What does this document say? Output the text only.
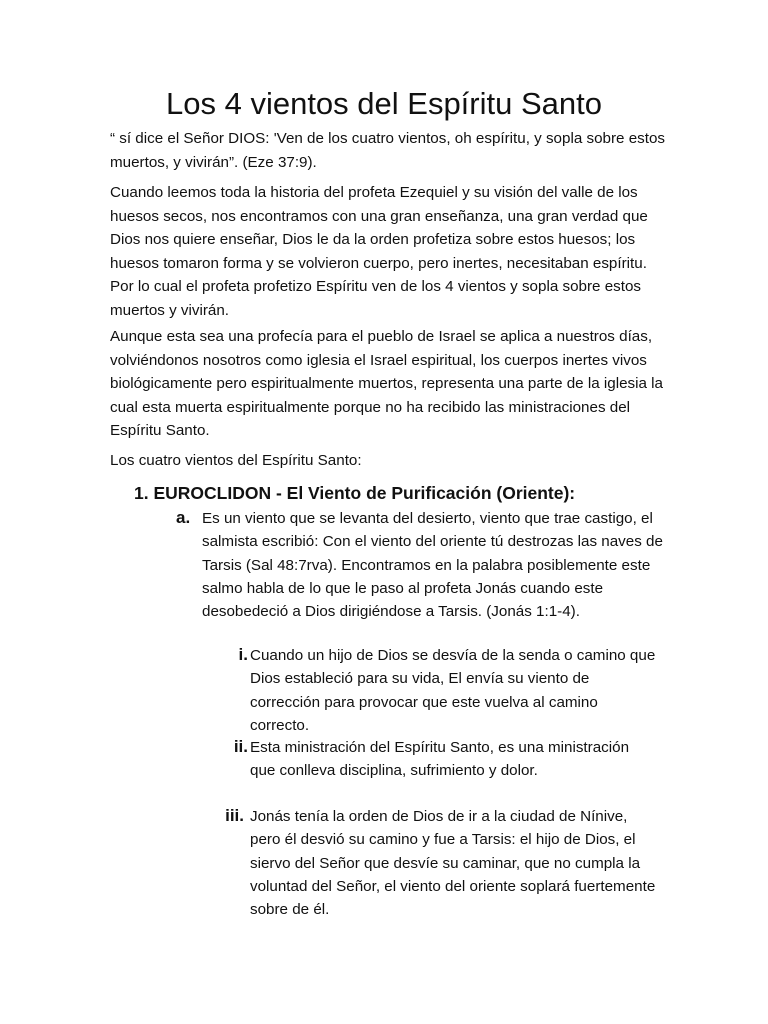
Los 4 vientos del Espíritu Santo

“ sí dice el Señor DIOS: 'Ven de los cuatro vientos, oh espíritu, y sopla sobre estos muertos, y vivirán”. (Eze 37:9).

Cuando leemos toda la historia del profeta Ezequiel y su visión del valle de los huesos secos, nos encontramos con una gran enseñanza, una gran verdad que Dios nos quiere enseñar, Dios le da la orden profetiza sobre estos huesos; los huesos tomaron forma y se volvieron cuerpo, pero inertes, necesitaban espíritu. Por lo cual el profeta profetizo Espíritu ven de los 4 vientos y sopla sobre estos muertos y vivirán.

Aunque esta sea una profecía para el pueblo de Israel se aplica a nuestros días, volviéndonos nosotros como iglesia el Israel espiritual, los cuerpos inertes vivos biológicamente pero espiritualmente muertos, representa una parte de la iglesia la cual esta muerta espiritualmente porque no ha recibido las ministraciones del Espíritu Santo.

Los cuatro vientos del Espíritu Santo:

1. EUROCLIDON - El Viento de Purificación (Oriente):
a. Es un viento que se levanta del desierto, viento que trae castigo, el salmista escribió: Con el viento del oriente tú destrozas las naves de Tarsis (Sal 48:7rva). Encontramos en la palabra posiblemente este salmo habla de lo que le paso al profeta Jonás cuando este desobedeció a Dios dirigiéndose a Tarsis. (Jonás 1:1-4).
i. Cuando un hijo de Dios se desvía de la senda o camino que Dios estableció para su vida, El envía su viento de corrección para provocar que este vuelva al camino correcto.
ii. Esta ministración del Espíritu Santo, es una ministración que conlleva disciplina, sufrimiento y dolor.
iii. Jonás tenía la orden de Dios de ir a la ciudad de Nínive, pero él desvió su camino y fue a Tarsis: el hijo de Dios, el siervo del Señor que desvíe su caminar, que no cumpla la voluntad del Señor, el viento del oriente soplará fuertemente sobre de él.
